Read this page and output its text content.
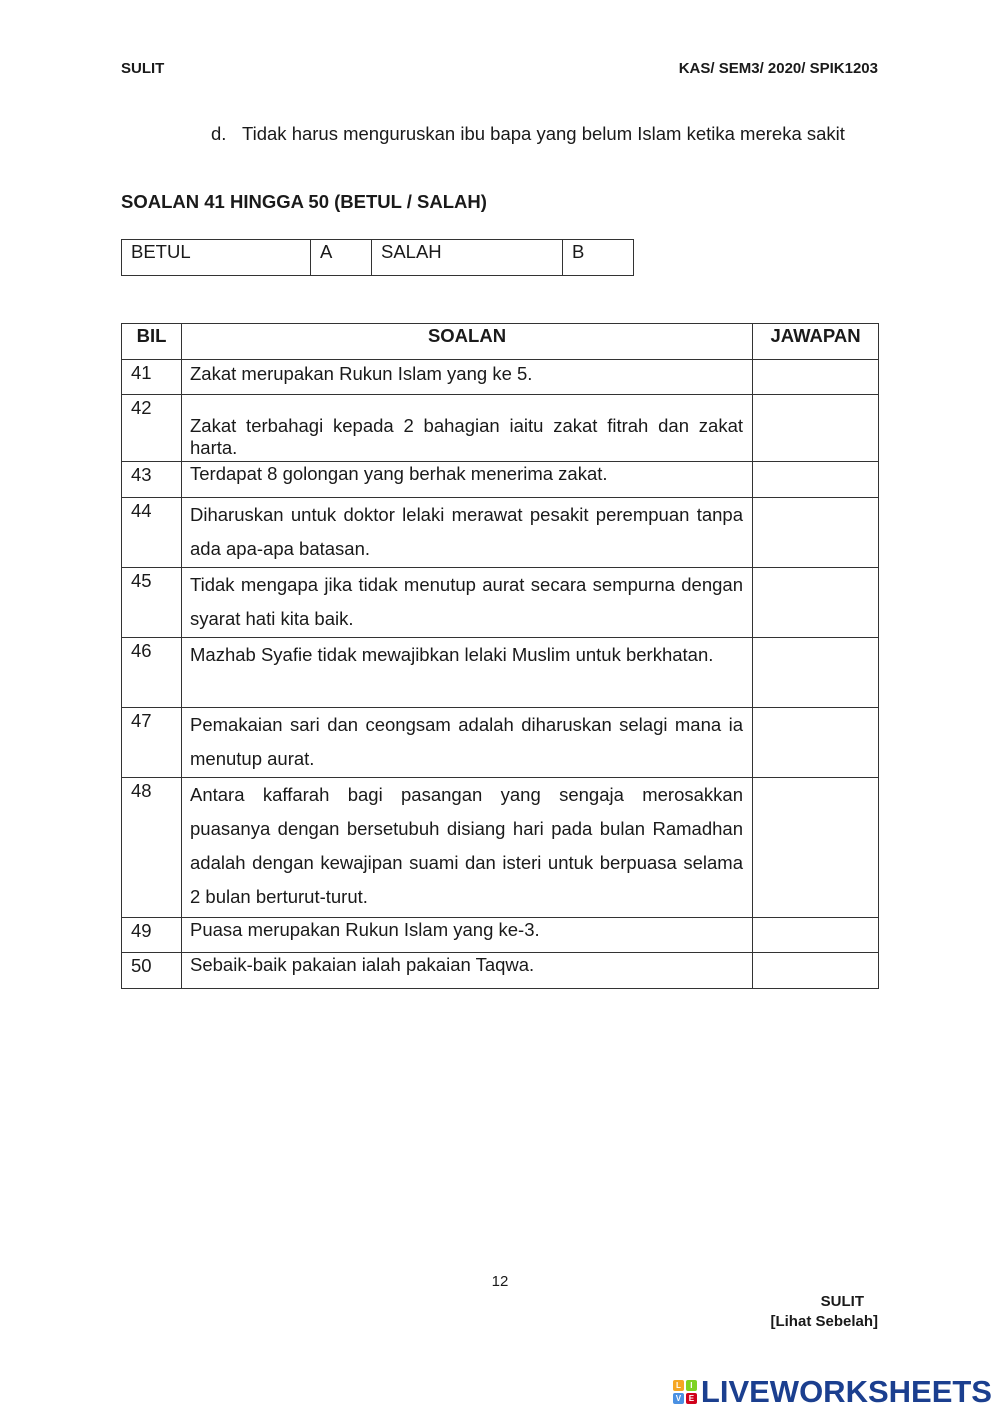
SULIT	KAS/ SEM3/ 2020/ SPIK1203
d. Tidak harus menguruskan ibu bapa yang belum Islam ketika mereka sakit
SOALAN 41 HINGGA 50 (BETUL / SALAH)
BETUL	A	SALAH	B
BIL	SOALAN	JAWAPAN
41	Zakat merupakan Rukun Islam yang ke 5.	
42	Zakat terbahagi kepada 2 bahagian iaitu zakat fitrah dan zakat harta.	
43	Terdapat 8 golongan yang berhak menerima zakat.	
44	Diharuskan untuk doktor lelaki merawat pesakit perempuan tanpa ada apa-apa batasan.	
45	Tidak mengapa jika tidak menutup aurat secara sempurna dengan syarat hati kita baik.	
46	Mazhab Syafie tidak mewajibkan lelaki Muslim untuk berkhatan.	
47	Pemakaian sari dan ceongsam adalah diharuskan selagi mana ia menutup aurat.	
48	Antara kaffarah bagi pasangan yang sengaja merosakkan puasanya dengan bersetubuh disiang hari pada bulan Ramadhan adalah dengan kewajipan suami dan isteri untuk berpuasa selama 2 bulan berturut-turut.	
49	Puasa merupakan Rukun Islam yang ke-3.	
50	Sebaik-baik pakaian ialah pakaian Taqwa.	
12
SULIT
[Lihat Sebelah]
L	I
V E LIVEWORKSHEETS
